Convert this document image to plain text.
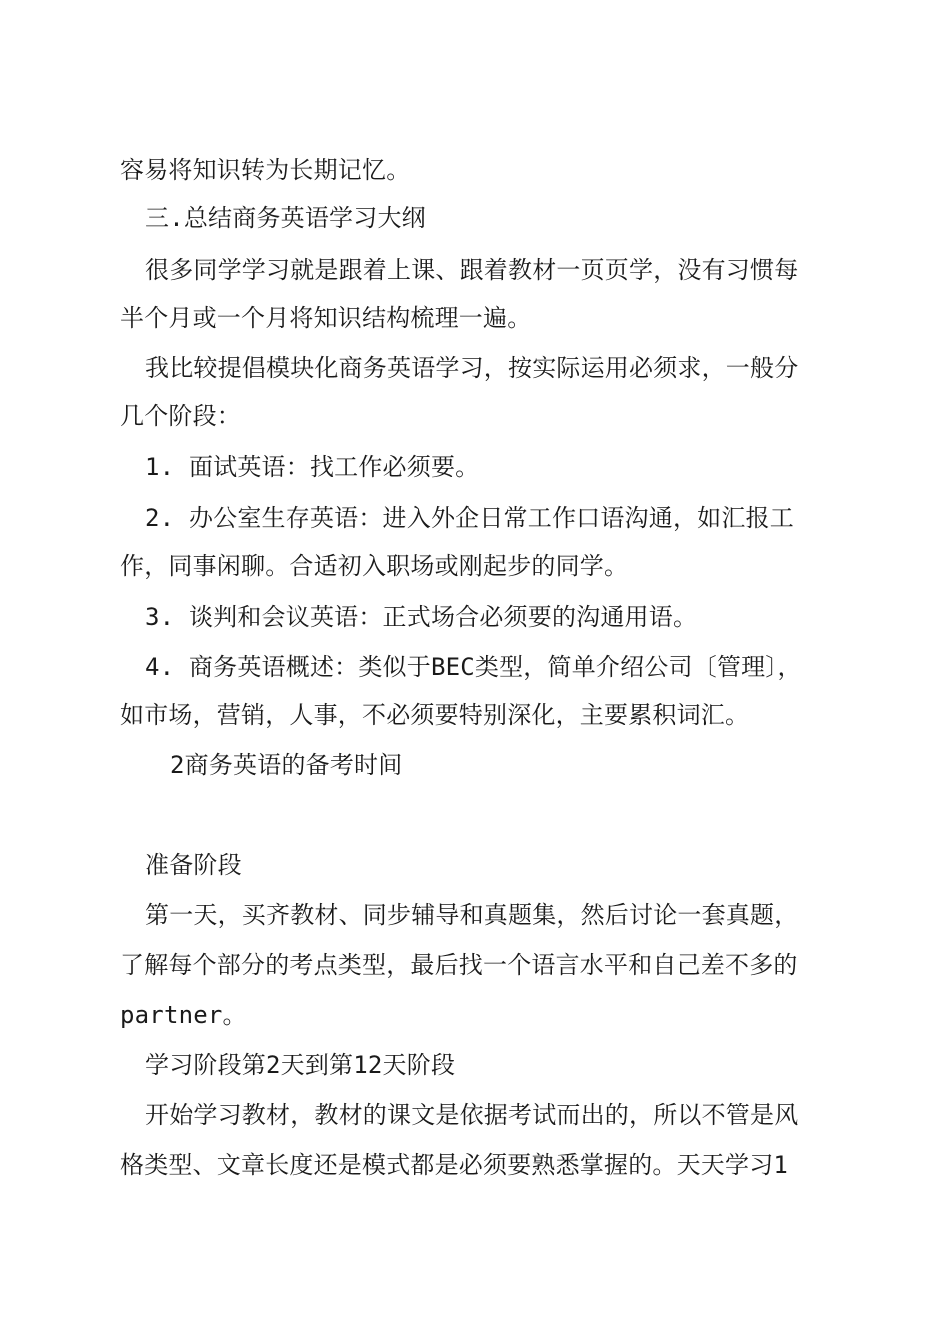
容易将知识转为长期记忆。
三.总结商务英语学习大纲
很多同学学习就是跟着上课、跟着教材一页页学，没有习惯每
半个月或一个月将知识结构梳理一遍。
我比较提倡模块化商务英语学习，按实际运用必须求，一般分
几个阶段：
1. 面试英语：找工作必须要。
2. 办公室生存英语：进入外企日常工作口语沟通，如汇报工
作，同事闲聊。合适初入职场或刚起步的同学。
3. 谈判和会议英语：正式场合必须要的沟通用语。
4. 商务英语概述：类似于BEC类型，简单介绍公司〔管理〕，
如市场，营销，人事，不必须要特别深化，主要累积词汇。
2商务英语的备考时间
准备阶段
第一天，买齐教材、同步辅导和真题集，然后讨论一套真题，
了解每个部分的考点类型，最后找一个语言水平和自己差不多的
partner。
学习阶段第2天到第12天阶段
开始学习教材，教材的课文是依据考试而出的，所以不管是风
格类型、文章长度还是模式都是必须要熟悉掌握的。天天学习1
